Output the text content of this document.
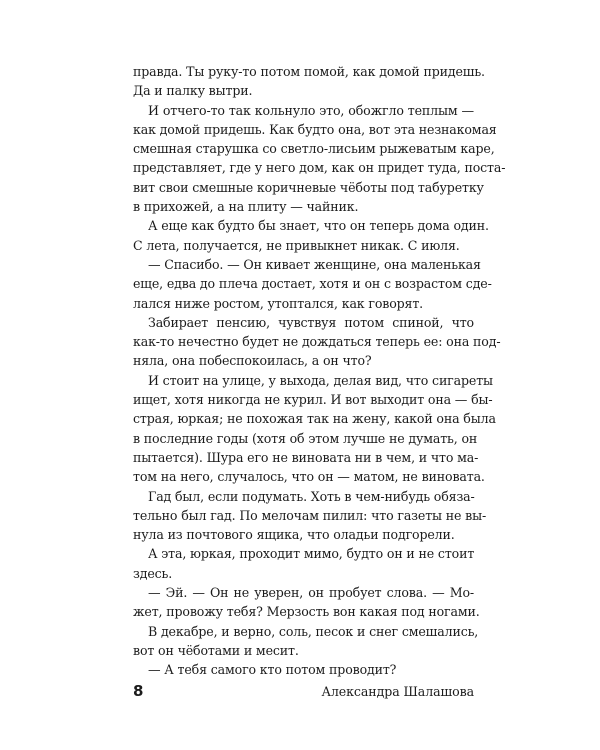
правда. Ты руку-то потом помой, как домой придешь.
Да и палку вытри.
И отчего-то так кольнуло это, обожгло теплым —
как домой придешь. Как будто она, вот эта незнакомая
смешная старушка со светло-лисьим рыжеватым каре,
представляет, где у него дом, как он придет туда, поста-
вит свои смешные коричневые чёботы под табуретку
в прихожей, а на плиту — чайник.
А еще как будто бы знает, что он теперь дома один.
С лета, получается, не привыкнет никак. С июля.
— Спасибо. — Он кивает женщине, она маленькая
еще, едва до плеча достает, хотя и он с возрастом сде-
лался ниже ростом, утоптался, как говорят.
Забирает пенсию, чувствуя потом спиной, что
как-то нечестно будет не дождаться теперь ее: она под-
няла, она побеспокоилась, а он что?
И стоит на улице, у выхода, делая вид, что сигареты
ищет, хотя никогда не курил. И вот выходит она — бы-
страя, юркая; не похожая так на жену, какой она была
в последние годы (хотя об этом лучше не думать, он
пытается). Шура его не виновата ни в чем, и что ма-
том на него, случалось, что он — матом, не виновата.
Гад был, если подумать. Хоть в чем-нибудь обяза-
тельно был гад. По мелочам пилил: что газеты не вы-
нула из почтового ящика, что оладьи подгорели.
А эта, юркая, проходит мимо, будто он и не стоит
здесь.
— Эй. — Он не уверен, он пробует слова. — Мо-
жет, провожу тебя? Мерзость вон какая под ногами.
В декабре, и верно, соль, песок и снег смешались,
вот он чёботами и месит.
— А тебя самого кто потом проводит?
8	Александра Шалашова
